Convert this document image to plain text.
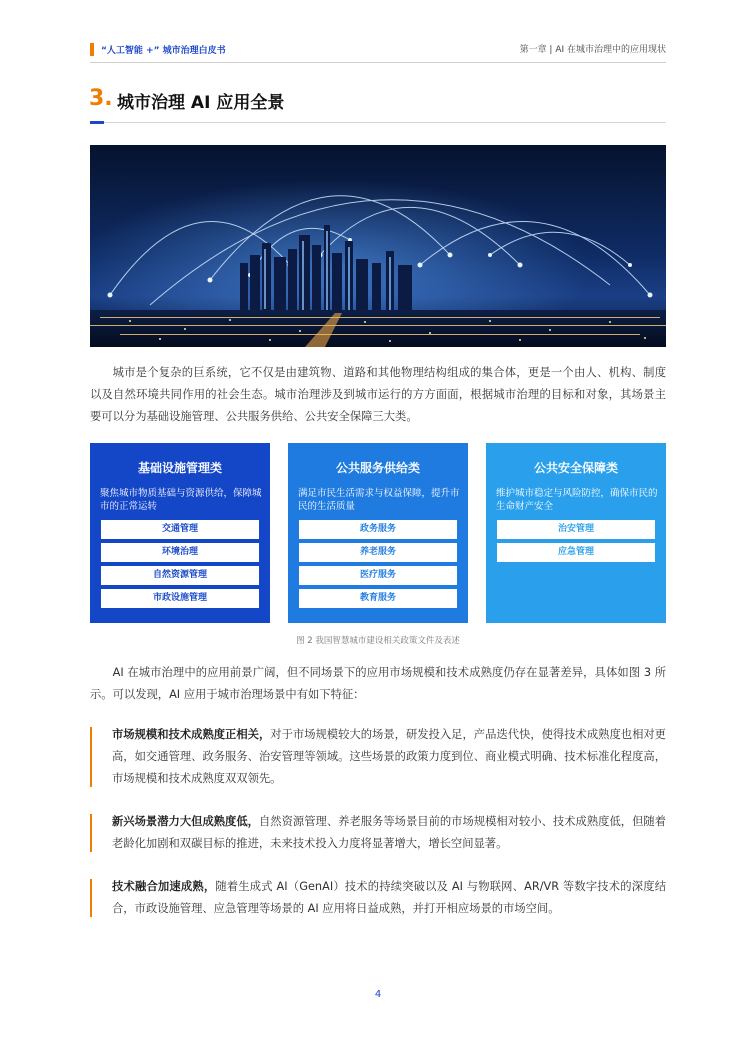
“人工智能 +” 城市治理白皮书	第一章 | AI 在城市治理中的应用现状
3. 城市治理 AI 应用全景
城市是个复杂的巨系统，它不仅是由建筑物、道路和其他物理结构组成的集合体，更是一个由人、机构、制度以及自然环境共同作用的社会生态。城市治理涉及到城市运行的方方面面，根据城市治理的目标和对象，其场景主要可以分为基础设施管理、公共服务供给、公共安全保障三大类。
基础设施管理类
聚焦城市物质基础与资源供给，保障城市的正常运转
交通管理
环境治理
自然资源管理
市政设施管理
公共服务供给类
满足市民生活需求与权益保障，提升市民的生活质量
政务服务
养老服务
医疗服务
教育服务
公共安全保障类
维护城市稳定与风险防控，确保市民的生命财产安全
治安管理
应急管理
图 2 我国智慧城市建设相关政策文件及表述
AI 在城市治理中的应用前景广阔，但不同场景下的应用市场规模和技术成熟度仍存在显著差异，具体如图 3 所示。可以发现，AI 应用于城市治理场景中有如下特征：
市场规模和技术成熟度正相关，对于市场规模较大的场景，研发投入足，产品迭代快，使得技术成熟度也相对更高，如交通管理、政务服务、治安管理等领域。这些场景的政策力度到位、商业模式明确、技术标准化程度高，市场规模和技术成熟度双双领先。
新兴场景潜力大但成熟度低，自然资源管理、养老服务等场景目前的市场规模相对较小、技术成熟度低，但随着老龄化加剧和双碳目标的推进，未来技术投入力度将显著增大，增长空间显著。
技术融合加速成熟，随着生成式 AI（GenAI）技术的持续突破以及 AI 与物联网、AR/VR 等数字技术的深度结合，市政设施管理、应急管理等场景的 AI 应用将日益成熟，并打开相应场景的市场空间。
4
